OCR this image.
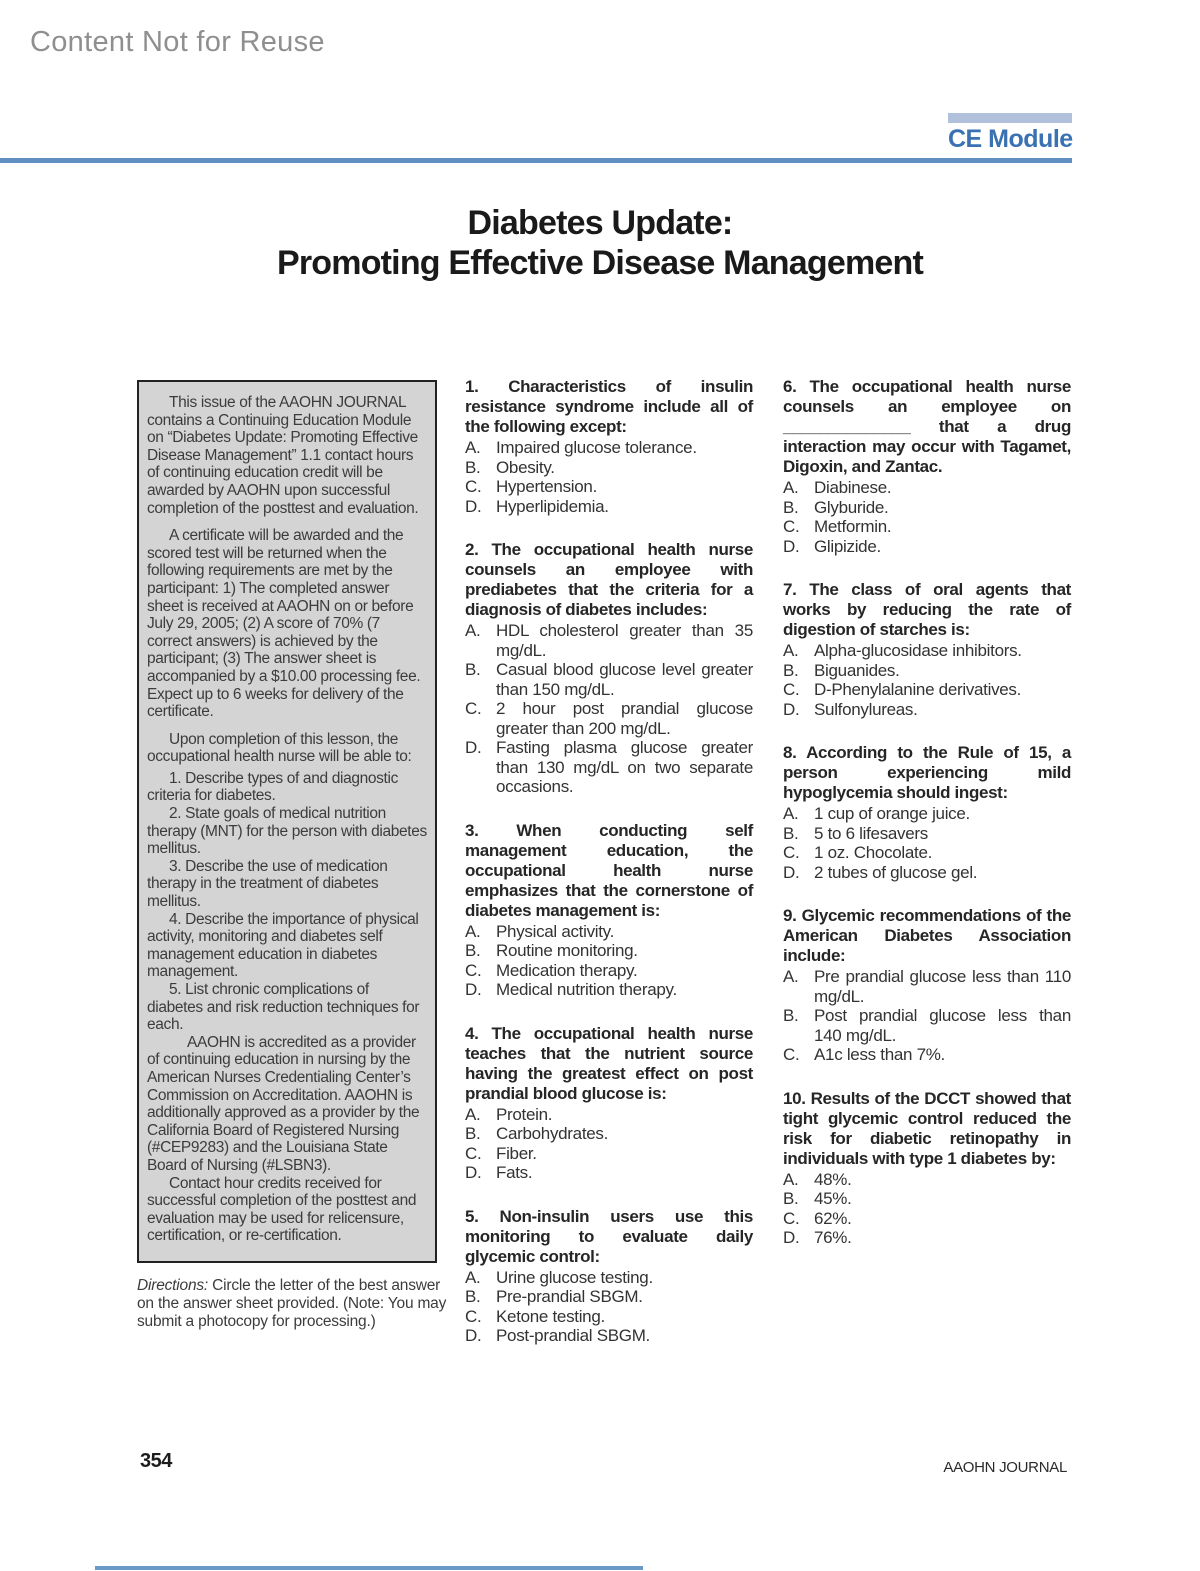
Content Not for Reuse
CE Module
Diabetes Update:
Promoting Effective Disease Management

This issue of the AAOHN JOURNAL contains a Continuing Education Module on “Diabetes Update: Promoting Effective Disease Management” 1.1 contact hours of continuing education credit will be awarded by AAOHN upon successful completion of the posttest and evaluation.

A certificate will be awarded and the scored test will be returned when the following requirements are met by the participant: 1) The completed answer sheet is received at AAOHN on or before July 29, 2005; (2) A score of 70% (7 correct answers) is achieved by the participant; (3) The answer sheet is accompanied by a $10.00 processing fee. Expect up to 6 weeks for delivery of the certificate.

Upon completion of this lesson, the occupational health nurse will be able to:

1. Describe types of and diagnostic criteria for diabetes.

2. State goals of medical nutrition therapy (MNT) for the person with diabetes mellitus.

3. Describe the use of medication therapy in the treatment of diabetes mellitus.

4. Describe the importance of physical activity, monitoring and diabetes self management education in diabetes management.

5. List chronic complications of diabetes and risk reduction techniques for each.

AAOHN is accredited as a provider of continuing education in nursing by the American Nurses Credentialing Center’s Commission on Accreditation. AAOHN is additionally approved as a provider by the California Board of Registered Nursing (#CEP9283) and the Louisiana State Board of Nursing (#LSBN3).

Contact hour credits received for successful completion of the posttest and evaluation may be used for relicensure, certification, or re-certification.

Directions: Circle the letter of the best answer on the answer sheet provided. (Note: You may submit a photocopy for processing.)

1. Characteristics of insulin resistance syndrome include all of the following except:

A. Impaired glucose tolerance.
B. Obesity.
C. Hypertension.
D. Hyperlipidemia.

2. The occupational health nurse counsels an employee with prediabetes that the criteria for a diagnosis of diabetes includes:

A. HDL cholesterol greater than 35 mg/dL.
B. Casual blood glucose level greater than 150 mg/dL.
C. 2 hour post prandial glucose greater than 200 mg/dL.
D. Fasting plasma glucose greater than 130 mg/dL on two separate occasions.

3. When conducting self management education, the occupational health nurse emphasizes that the cornerstone of diabetes management is:

A. Physical activity.
B. Routine monitoring.
C. Medication therapy.
D. Medical nutrition therapy.

4. The occupational health nurse teaches that the nutrient source having the greatest effect on post prandial blood glucose is:

A. Protein.
B. Carbohydrates.
C. Fiber.
D. Fats.

5. Non-insulin users use this monitoring to evaluate daily glycemic control:

A. Urine glucose testing.
B. Pre-prandial SBGM.
C. Ketone testing.
D. Post-prandial SBGM.

6. The occupational health nurse counsels an employee on ______________ that a drug interaction may occur with Tagamet, Digoxin, and Zantac.

A. Diabinese.
B. Glyburide.
C. Metformin.
D. Glipizide.

7. The class of oral agents that works by reducing the rate of digestion of starches is:

A. Alpha-glucosidase inhibitors.
B. Biguanides.
C. D-Phenylalanine derivatives.
D. Sulfonylureas.

8. According to the Rule of 15, a person experiencing mild hypoglycemia should ingest:

A. 1 cup of orange juice.
B. 5 to 6 lifesavers
C. 1 oz. Chocolate.
D. 2 tubes of glucose gel.

9. Glycemic recommendations of the American Diabetes Association include:

A. Pre prandial glucose less than 110 mg/dL.
B. Post prandial glucose less than 140 mg/dL.
C. A1c less than 7%.

10. Results of the DCCT showed that tight glycemic control reduced the risk for diabetic retinopathy in individuals with type 1 diabetes by:

A. 48%.
B. 45%.
C. 62%.
D. 76%.
354	AAOHN JOURNAL
